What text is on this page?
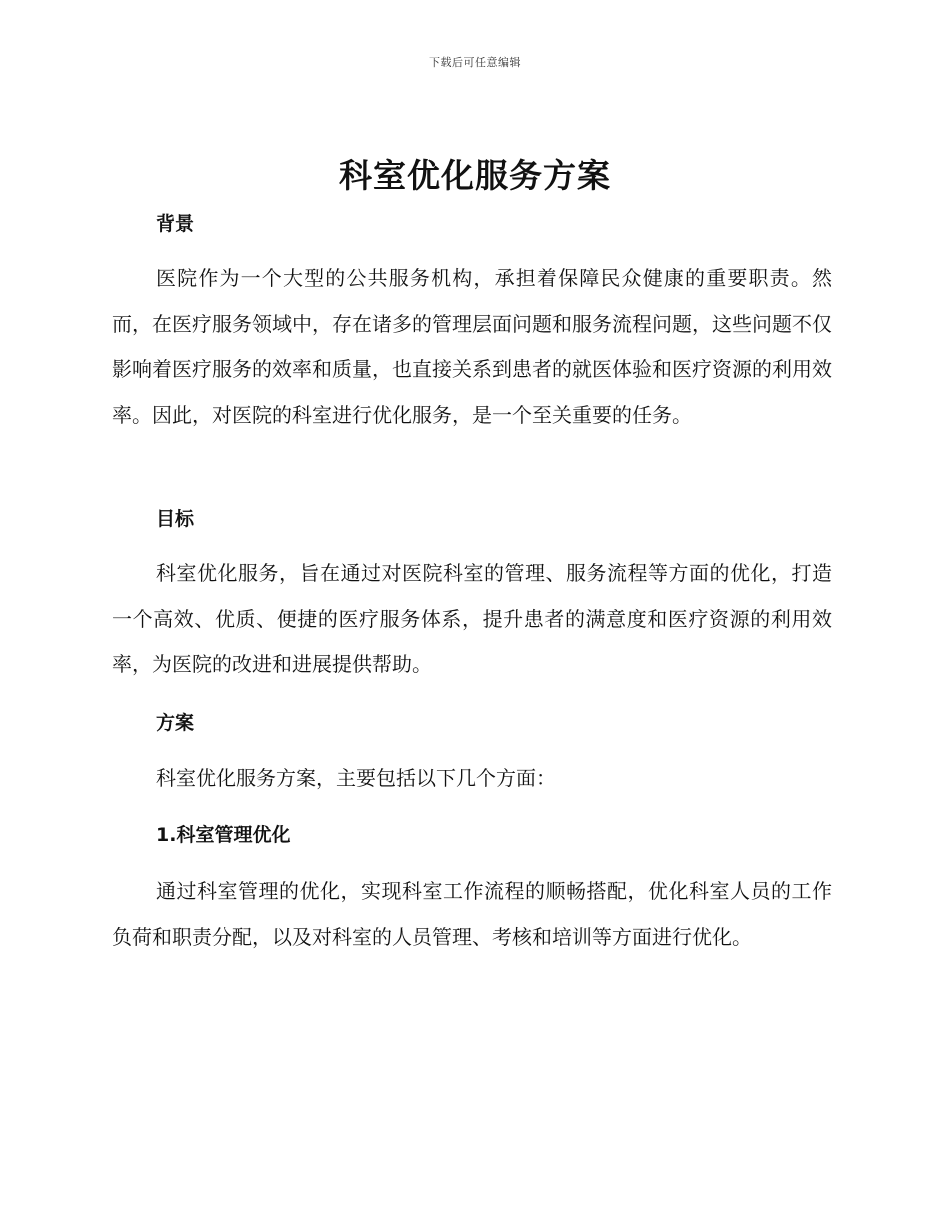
下载后可任意编辑
科室优化服务方案
背景

医院作为一个大型的公共服务机构，承担着保障民众健康的重要职责。然而，在医疗服务领域中，存在诸多的管理层面问题和服务流程问题，这些问题不仅影响着医疗服务的效率和质量，也直接关系到患者的就医体验和医疗资源的利用效率。因此，对医院的科室进行优化服务，是一个至关重要的任务。

目标

科室优化服务，旨在通过对医院科室的管理、服务流程等方面的优化，打造一个高效、优质、便捷的医疗服务体系，提升患者的满意度和医疗资源的利用效率，为医院的改进和进展提供帮助。

方案

科室优化服务方案，主要包括以下几个方面：

1.科室管理优化

通过科室管理的优化，实现科室工作流程的顺畅搭配，优化科室人员的工作负荷和职责分配，以及对科室的人员管理、考核和培训等方面进行优化。
